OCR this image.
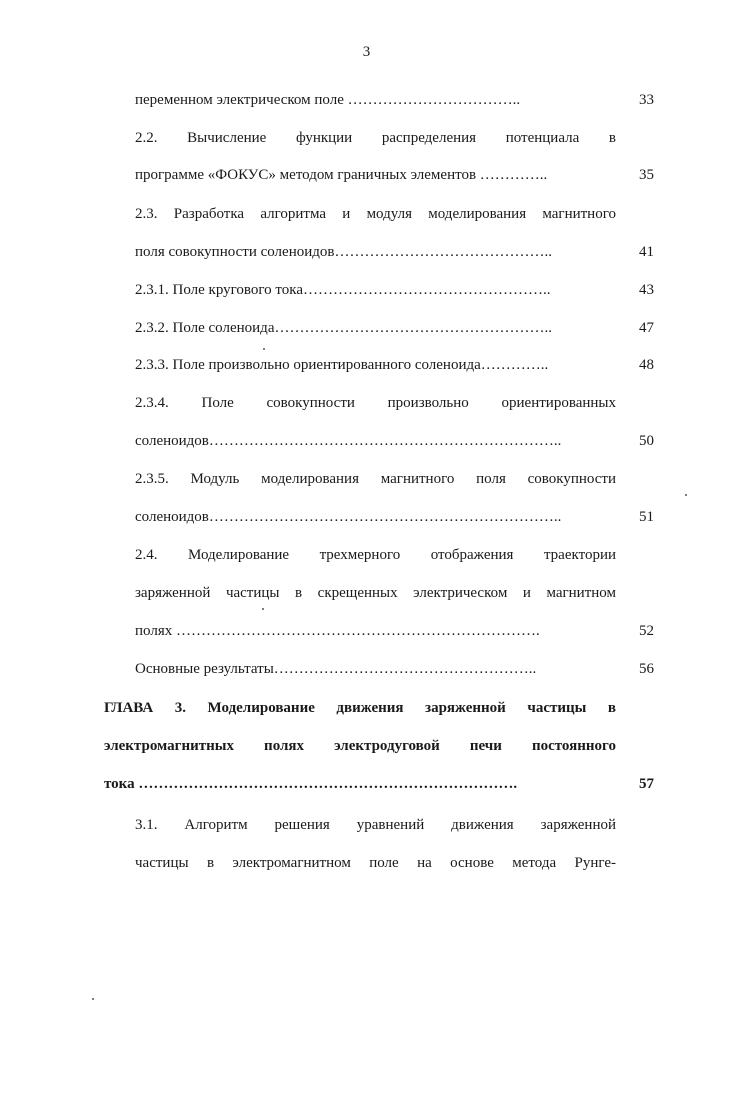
3
переменном электрическом поле ……………………………..	33
2.2. Вычисление функции распределения потенциала в
программе «ФОКУС» методом граничных элементов …………..	35
2.3. Разработка алгоритма и модуля моделирования магнитного
поля совокупности соленоидов……………………………………..	41
2.3.1. Поле кругового тока…………………………………………..	43
2.3.2. Поле соленоида………………………………………………..	47
2.3.3. Поле произвольно ориентированного соленоида…………..	48
2.3.4. Поле совокупности произвольно ориентированных
соленоидов……………………………………………………………..	50
2.3.5. Модуль моделирования магнитного поля совокупности
соленоидов……………………………………………………………..	51
2.4. Моделирование трехмерного отображения траектории
заряженной частицы в скрещенных электрическом и магнитном
полях ……………………………………………………………….	52
Основные результаты……………………………………………..	56
ГЛАВА 3. Моделирование движения заряженной частицы в
электромагнитных полях электродуговой печи постоянного
тока ………………………………………………………………….	57
3.1. Алгоритм решения уравнений движения заряженной
частицы в электромагнитном поле на основе метода Рунге-
